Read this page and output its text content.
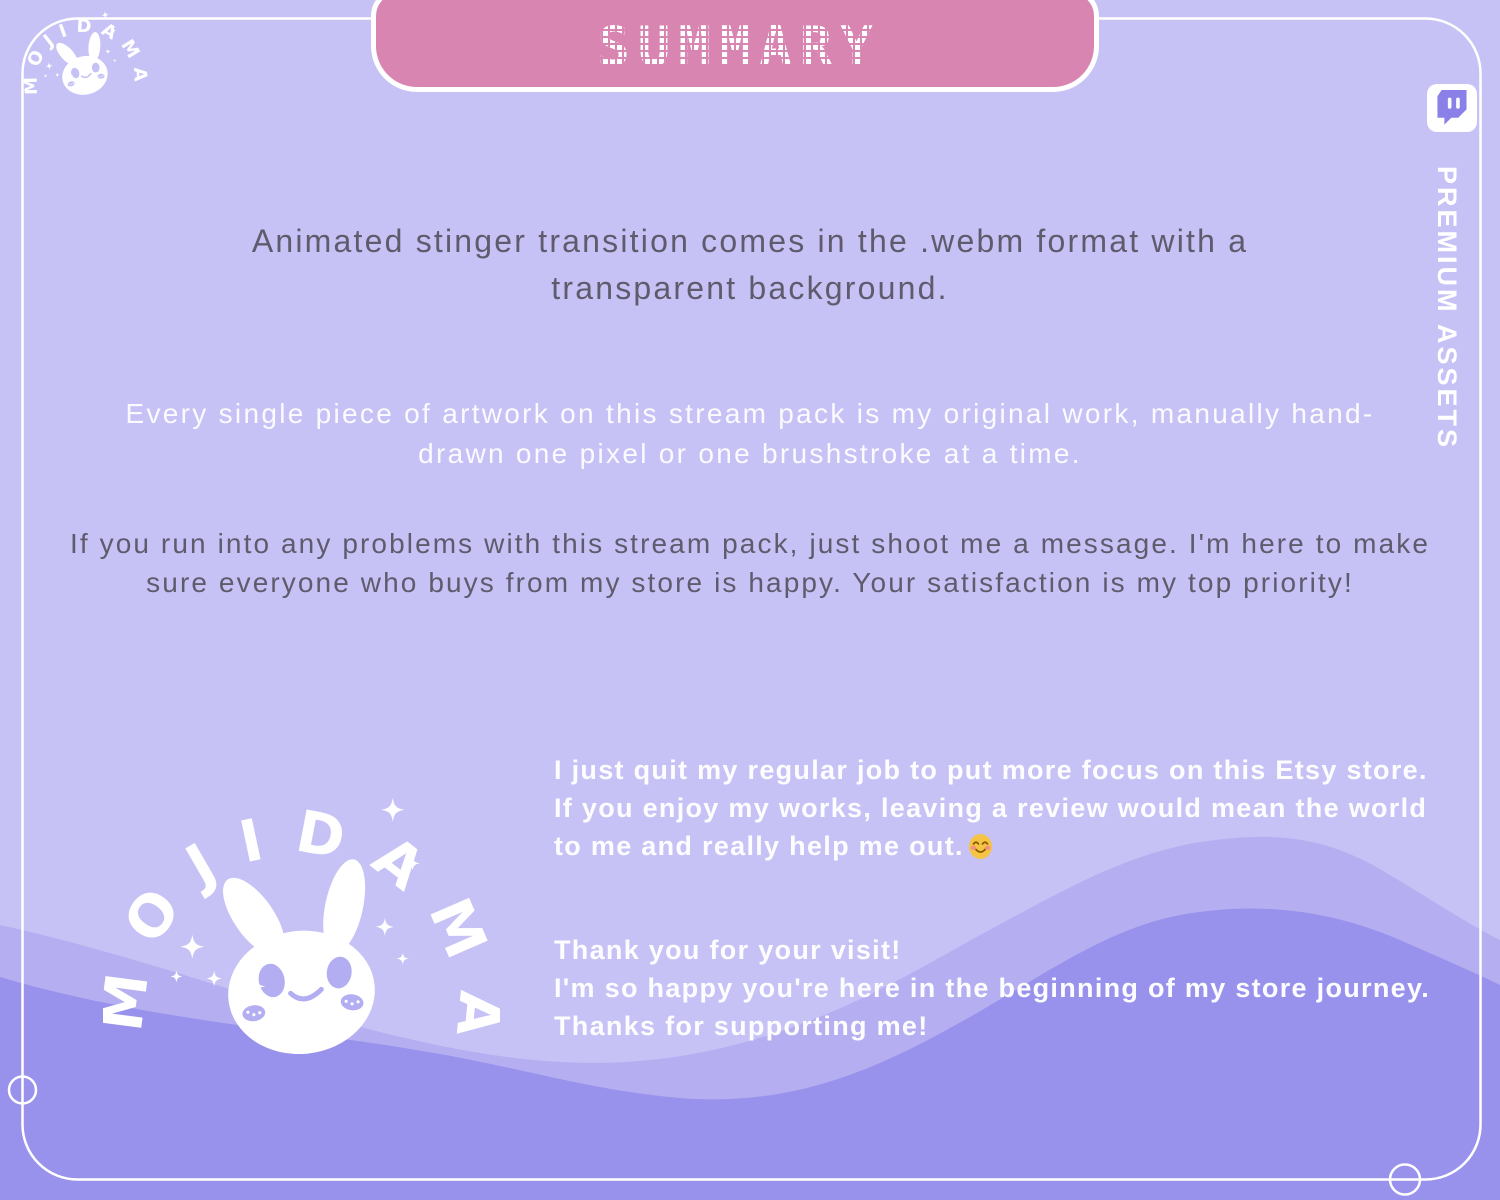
SUMMARY
PREMIUM ASSETS
Animated stinger transition comes in the .webm format with a
transparent background.
Every single piece of artwork on this stream pack is my original work, manually hand-
drawn one pixel or one brushstroke at a time.
If you run into any problems with this stream pack, just shoot me a message. I'm here to make
sure everyone who buys from my store is happy. Your satisfaction is my top priority!
I just quit my regular job to put more focus on this Etsy store.
If you enjoy my works, leaving a review would mean the world
to me and really help me out.
Thank you for your visit!
I'm so happy you're here in the beginning of my store journey.
Thanks for supporting me!
